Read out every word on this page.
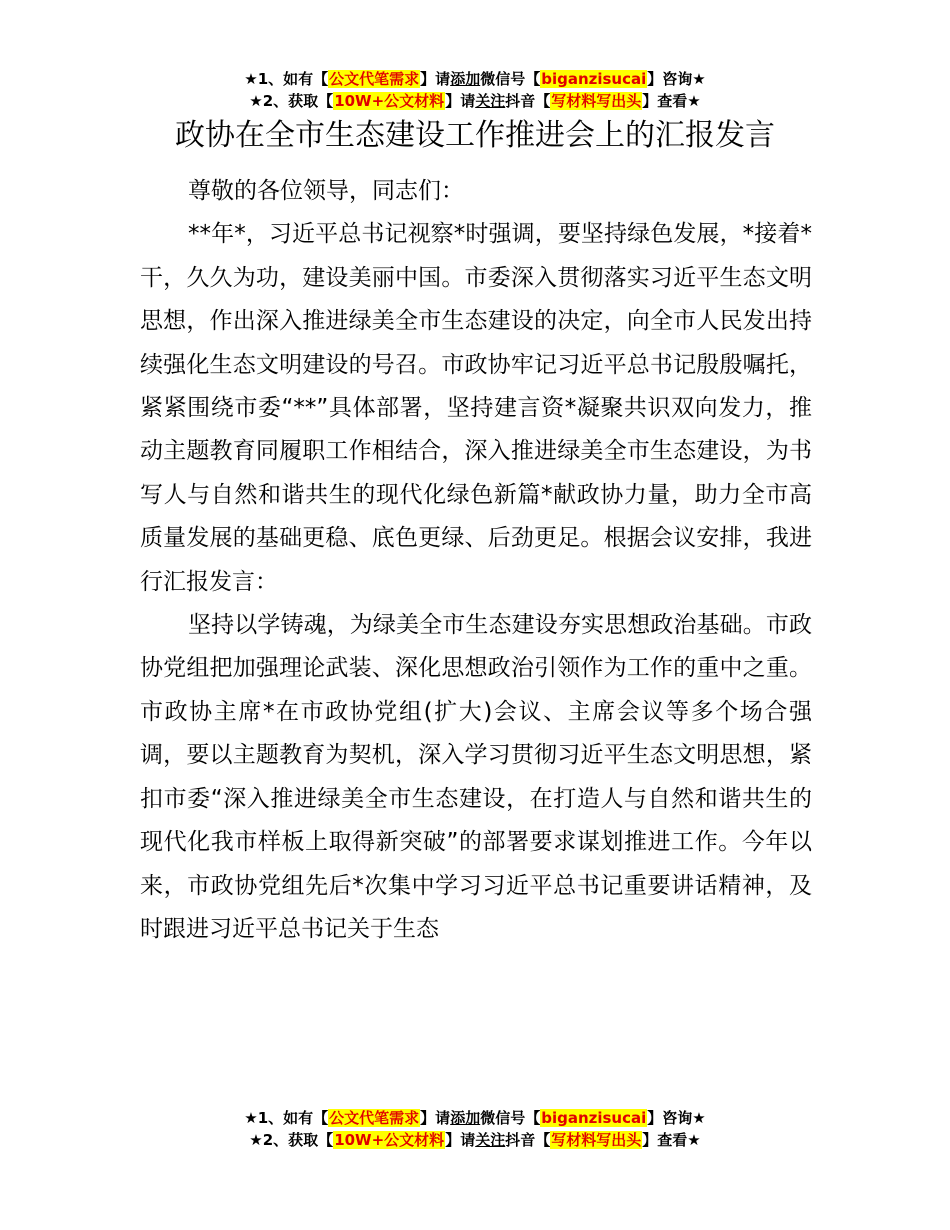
★1、如有【公文代笔需求】请添加微信号【biganzisucai】咨询★
★2、获取【10W+公文材料】请关注抖音【写材料写出头】查看★
政协在全市生态建设工作推进会上的汇报发言

尊敬的各位领导，同志们：

**年*，习近平总书记视察*时强调，要坚持绿色发展，*接着*干，久久为功，建设美丽中国。市委深入贯彻落实习近平生态文明思想，作出深入推进绿美全市生态建设的决定，向全市人民发出持续强化生态文明建设的号召。市政协牢记习近平总书记殷殷嘱托，紧紧围绕市委“**”具体部署，坚持建言资*凝聚共识双向发力，推动主题教育同履职工作相结合，深入推进绿美全市生态建设，为书写人与自然和谐共生的现代化绿色新篇*献政协力量，助力全市高质量发展的基础更稳、底色更绿、后劲更足。根据会议安排，我进行汇报发言：

坚持以学铸魂，为绿美全市生态建设夯实思想政治基础。市政协党组把加强理论武装、深化思想政治引领作为工作的重中之重。市政协主席*在市政协党组(扩大)会议、主席会议等多个场合强调，要以主题教育为契机，深入学习贯彻习近平生态文明思想，紧扣市委“深入推进绿美全市生态建设，在打造人与自然和谐共生的现代化我市样板上取得新突破”的部署要求谋划推进工作。今年以来，市政协党组先后*次集中学习习近平总书记重要讲话精神，及时跟进习近平总书记关于生态

★1、如有【公文代笔需求】请添加微信号【biganzisucai】咨询★
★2、获取【10W+公文材料】请关注抖音【写材料写出头】查看★
